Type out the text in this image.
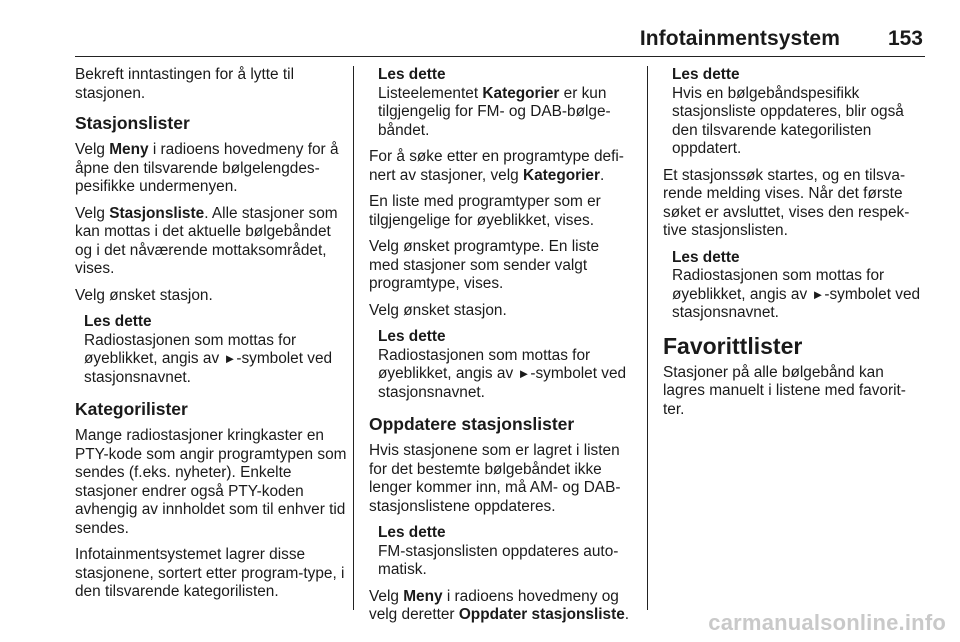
Infotainmentsystem 153

Bekreft inntastingen for å lytte til stasjonen.

Stasjonslister

Velg Meny i radioens hovedmeny for å åpne den tilsvarende bølgelengdes-pesifikke undermenyen.

Velg Stasjonsliste. Alle stasjoner som kan mottas i det aktuelle bølgebåndet og i det nåværende mottaksområdet, vises.

Velg ønsket stasjon.

Les dette
Radiostasjonen som mottas for øyeblikket, angis av ►-symbolet ved stasjonsnavnet.
Kategorilister

Mange radiostasjoner kringkaster en PTY-kode som angir programtypen som sendes (f.eks. nyheter). Enkelte stasjoner endrer også PTY-koden avhengig av innholdet som til enhver tid sendes.

Infotainmentsystemet lagrer disse stasjonene, sortert etter program-type, i den tilsvarende kategorilisten.

Les dette
Listeelementet Kategorier er kun tilgjengelig for FM- og DAB-bølge-båndet.

For å søke etter en programtype defi-nert av stasjoner, velg Kategorier.

En liste med programtyper som er tilgjengelige for øyeblikket, vises.

Velg ønsket programtype. En liste med stasjoner som sender valgt programtype, vises.

Velg ønsket stasjon.

Les dette
Radiostasjonen som mottas for øyeblikket, angis av ►-symbolet ved stasjonsnavnet.
Oppdatere stasjonslister

Hvis stasjonene som er lagret i listen for det bestemte bølgebåndet ikke lenger kommer inn, må AM- og DAB-stasjonslistene oppdateres.

Les dette
FM-stasjonslisten oppdateres auto-matisk.

Velg Meny i radioens hovedmeny og velg deretter Oppdater stasjonsliste.

Les dette
Hvis en bølgebåndspesifikk stasjonsliste oppdateres, blir også den tilsvarende kategorilisten oppdatert.

Et stasjonssøk startes, og en tilsva-rende melding vises. Når det første søket er avsluttet, vises den respek-tive stasjonslisten.

Les dette
Radiostasjonen som mottas for øyeblikket, angis av ►-symbolet ved stasjonsnavnet.
Favorittlister

Stasjoner på alle bølgebånd kan lagres manuelt i listene med favorit-ter.

carmanualsonline.info
